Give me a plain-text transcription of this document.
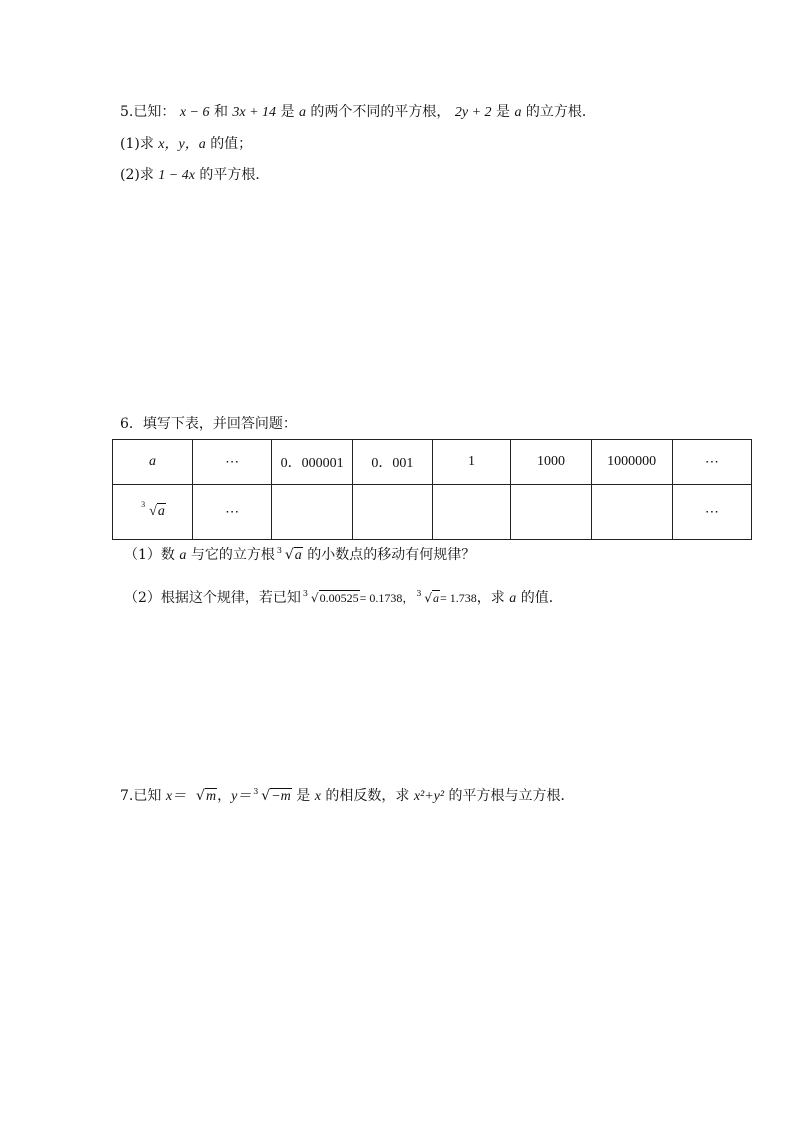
5.已知： x − 6 和 3x + 14 是 a 的两个不同的平方根， 2y + 2 是 a 的立方根．
(1)求 x，y，a 的值；
(2)求 1 − 4x 的平方根．
6．填写下表，并回答问题：
a	⋯	0．000001	0．001	1	1000	1000000	⋯

3 √a	⋯						⋯
（1）数 a 与它的立方根 3 √a 的小数点的移动有何规律？
（2）根据这个规律，若已知 3 √0.00525= 0.1738， 3 √a= 1.738，求 a 的值．
7.已知 x＝ √m，y＝ 3 √−m 是 x 的相反数，求 x²+y² 的平方根与立方根．
